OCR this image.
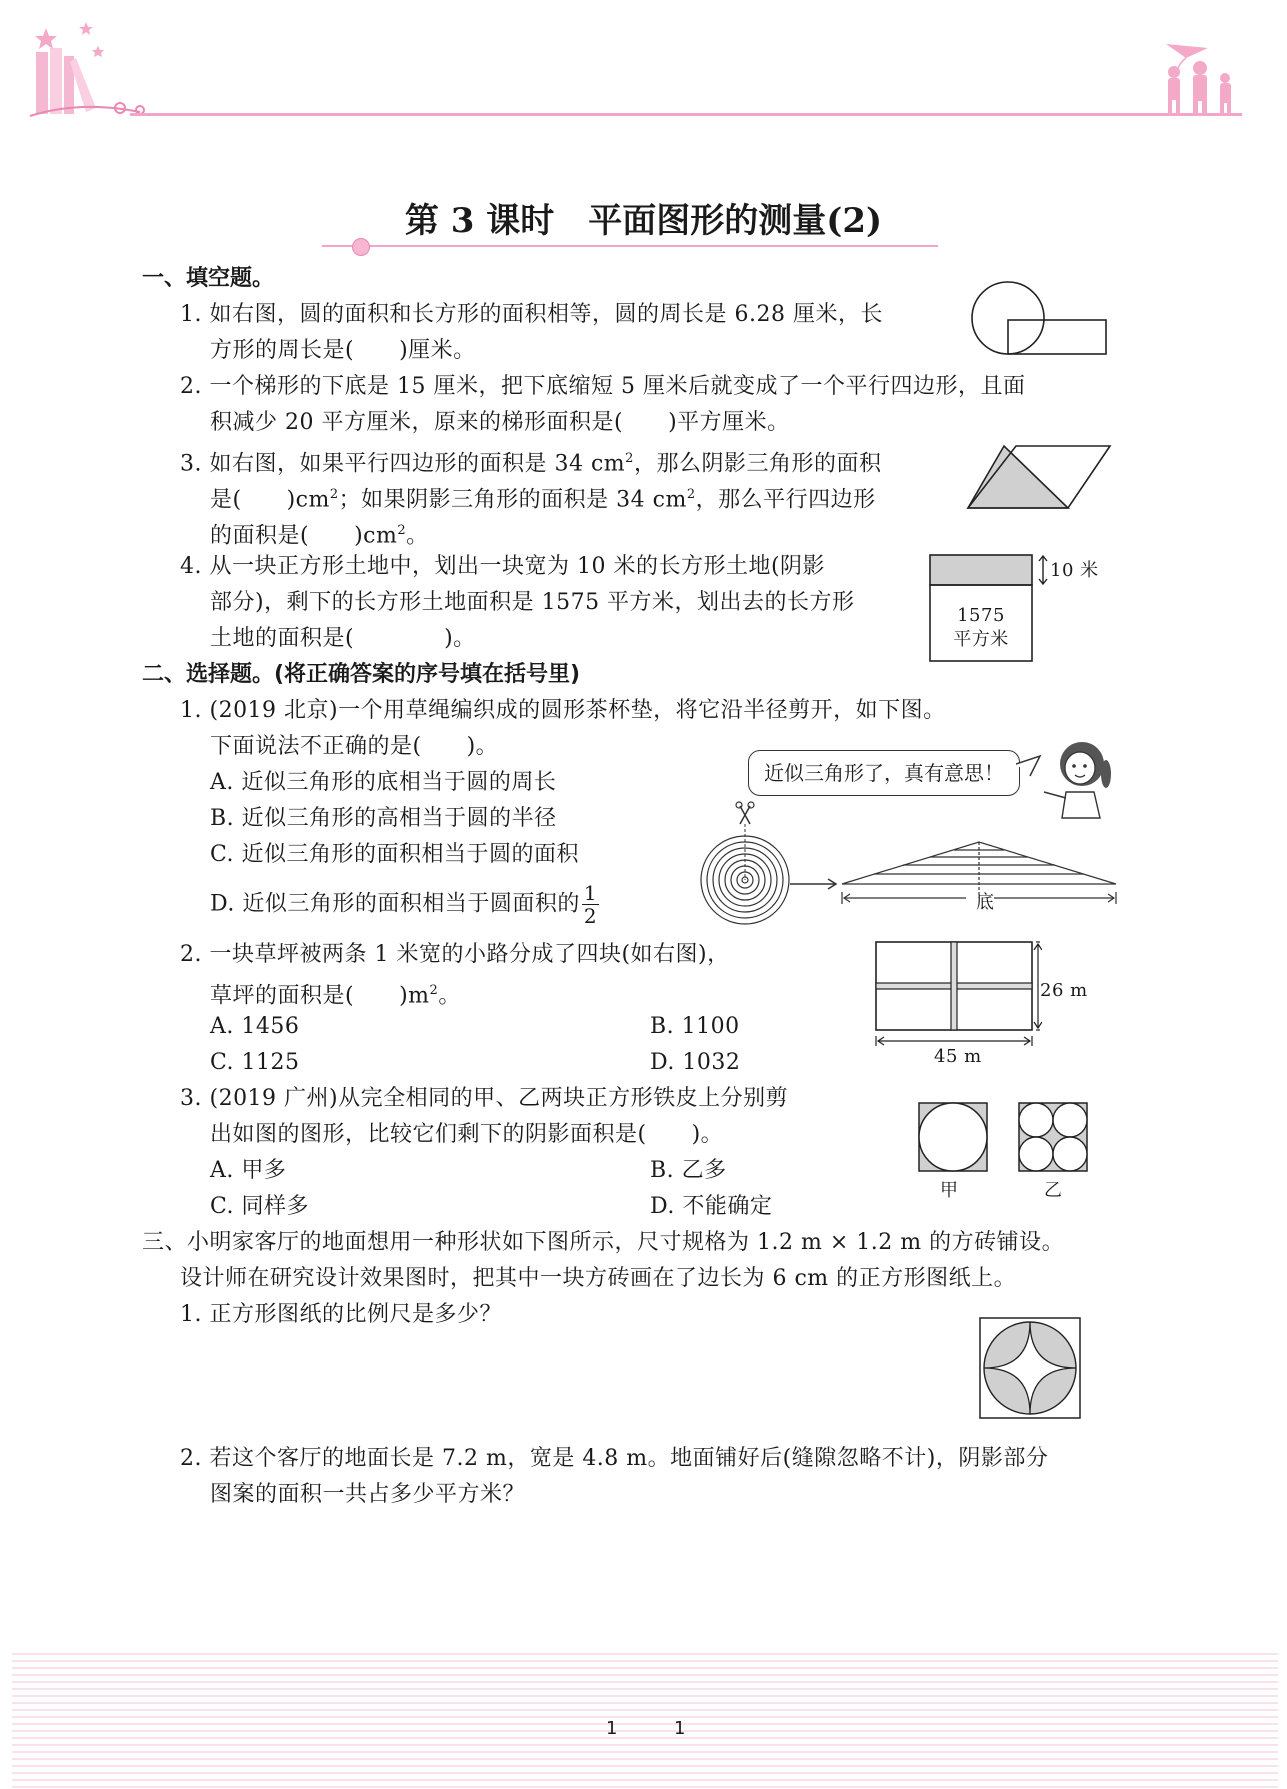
第 3 课时　平面图形的测量(2)
一、填空题。
1. 如右图，圆的面积和长方形的面积相等，圆的周长是 6.28 厘米，长
方形的周长是(　　)厘米。
2. 一个梯形的下底是 15 厘米，把下底缩短 5 厘米后就变成了一个平行四边形，且面
积减少 20 平方厘米，原来的梯形面积是(　　)平方厘米。
3. 如右图，如果平行四边形的面积是 34 $cm^2$，那么阴影三角形的面积
是(　　)$cm^2$；如果阴影三角形的面积是 34 $cm^2$，那么平行四边形
的面积是(　　)$cm^2$。
4. 从一块正方形土地中，划出一块宽为 10 米的长方形土地(阴影
部分)，剩下的长方形土地面积是 1575 平方米，划出去的长方形
土地的面积是(　　　　)。
10 米
1575
平方米
二、选择题。(将正确答案的序号填在括号里)
1. (2019 北京)一个用草绳编织成的圆形茶杯垫，将它沿半径剪开，如下图。
下面说法不正确的是(　　)。
A. 近似三角形的底相当于圆的周长
B. 近似三角形的高相当于圆的半径
C. 近似三角形的面积相当于圆的面积
D. 近似三角形的面积相当于圆面积的 $\frac{1}{2}$
近似三角形了，真有意思！
底
2. 一块草坪被两条 1 米宽的小路分成了四块(如右图)，
草坪的面积是(　　)$m^2$。
A. 1456	B. 1100
C. 1125	D. 1032
26 m
45 m
3. (2019 广州)从完全相同的甲、乙两块正方形铁皮上分别剪
出如图的图形，比较它们剩下的阴影面积是(　　)。
A. 甲多	B. 乙多
C. 同样多	D. 不能确定
甲	乙
三、小明家客厅的地面想用一种形状如下图所示，尺寸规格为 1.2 m × 1.2 m 的方砖铺设。
设计师在研究设计效果图时，把其中一块方砖画在了边长为 6 cm 的正方形图纸上。
1. 正方形图纸的比例尺是多少？
2. 若这个客厅的地面长是 7.2 m，宽是 4.8 m。地面铺好后(缝隙忽略不计)，阴影部分
图案的面积一共占多少平方米？
1	1
